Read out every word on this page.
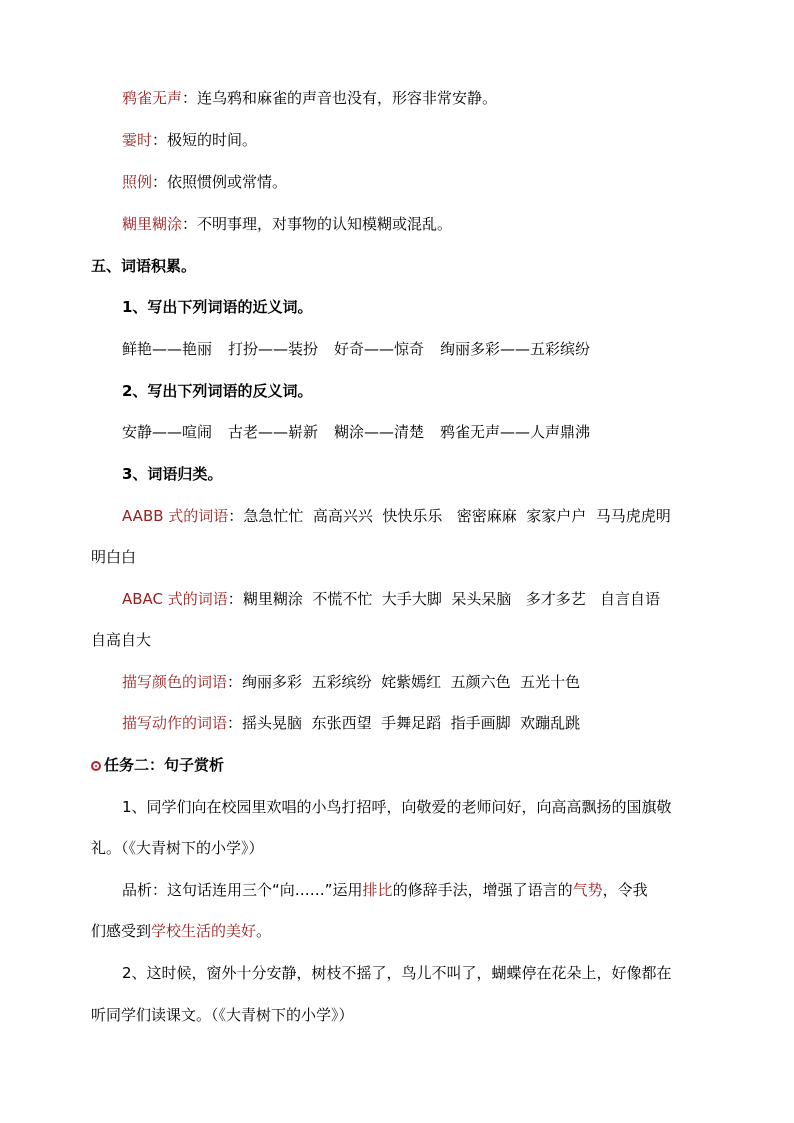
鸦雀无声：连乌鸦和麻雀的声音也没有，形容非常安静。
霎时：极短的时间。
照例：依照惯例或常情。
糊里糊涂：不明事理，对事物的认知模糊或混乱。
五、词语积累。
1、写出下列词语的近义词。
鲜艳——艳丽 打扮——装扮 好奇——惊奇 绚丽多彩——五彩缤纷
2、写出下列词语的反义词。
安静——喧闹 古老——崭新 糊涂——清楚 鸦雀无声——人声鼎沸
3、词语归类。
AABB 式的词语：急急忙忙  高高兴兴  快快乐乐   密密麻麻  家家户户  马马虎虎明
明白白
ABAC 式的词语：糊里糊涂  不慌不忙  大手大脚  呆头呆脑   多才多艺   自言自语
自高自大
描写颜色的词语：绚丽多彩  五彩缤纷  姹紫嫣红  五颜六色  五光十色
描写动作的词语：摇头晃脑  东张西望  手舞足蹈  指手画脚  欢蹦乱跳
任务二：句子赏析
1、同学们向在校园里欢唱的小鸟打招呼，向敬爱的老师问好，向高高飘扬的国旗敬
礼。（《大青树下的小学》）
品析：这句话连用三个“向……”运用排比的修辞手法，增强了语言的气势，令我
们感受到学校生活的美好。
2、这时候，窗外十分安静，树枝不摇了，鸟儿不叫了，蝴蝶停在花朵上，好像都在
听同学们读课文。（《大青树下的小学》）
